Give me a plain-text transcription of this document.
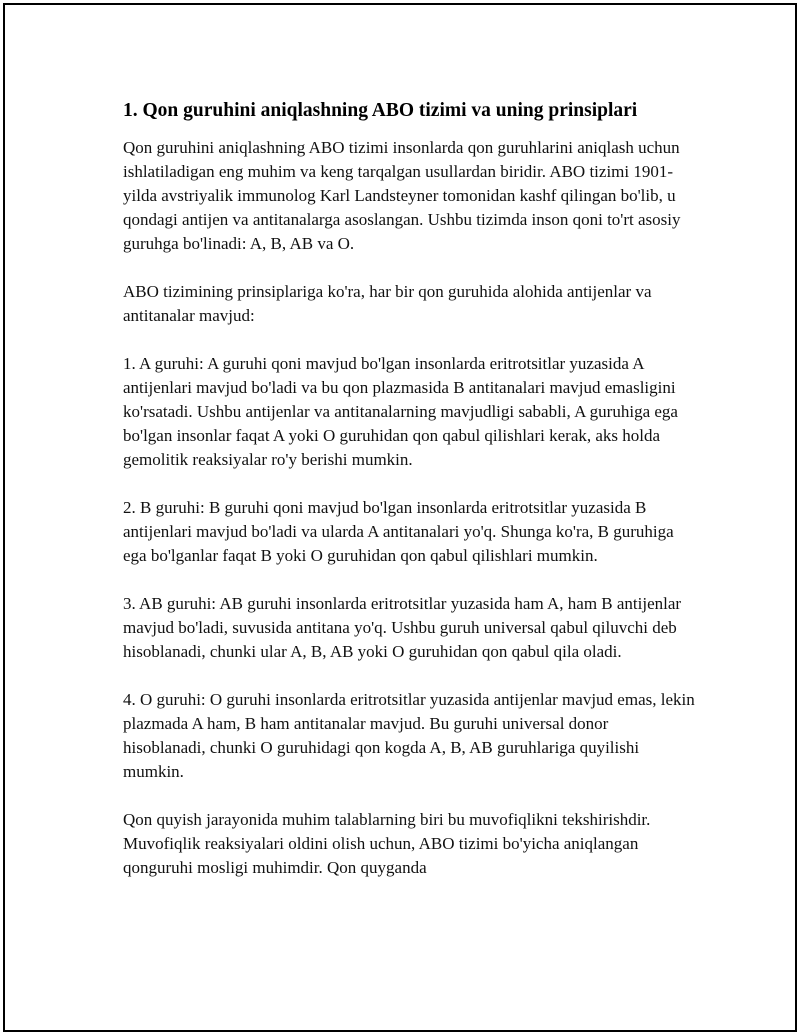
1. Qon guruhini aniqlashning ABO tizimi va uning prinsiplari

Qon guruhini aniqlashning ABO tizimi insonlarda qon guruhlarini aniqlash uchun ishlatiladigan eng muhim va keng tarqalgan usullardan biridir. ABO tizimi 1901-yilda avstriyalik immunolog Karl Landsteyner tomonidan kashf qilingan bo'lib, u qondagi antijen va antitanalarga asoslangan. Ushbu tizimda inson qoni to'rt asosiy guruhga bo'linadi: A, B, AB va O.

ABO tizimining prinsiplariga ko'ra, har bir qon guruhida alohida antijenlar va antitanalar mavjud:

1. A guruhi: A guruhi qoni mavjud bo'lgan insonlarda eritrotsitlar yuzasida A antijenlari mavjud bo'ladi va bu qon plazmasida B antitanalari mavjud emasligini ko'rsatadi. Ushbu antijenlar va antitanalarning mavjudligi sababli, A guruhiga ega bo'lgan insonlar faqat A yoki O guruhidan qon qabul qilishlari kerak, aks holda gemolitik reaksiyalar ro'y berishi mumkin.

2. B guruhi: B guruhi qoni mavjud bo'lgan insonlarda eritrotsitlar yuzasida B antijenlari mavjud bo'ladi va ularda A antitanalari yo'q. Shunga ko'ra, B guruhiga ega bo'lganlar faqat B yoki O guruhidan qon qabul qilishlari mumkin.

3. AB guruhi: AB guruhi insonlarda eritrotsitlar yuzasida ham A, ham B antijenlar mavjud bo'ladi, suvusida antitana yo'q. Ushbu guruh universal qabul qiluvchi deb hisoblanadi, chunki ular A, B, AB yoki O guruhidan qon qabul qila oladi.

4. O guruhi: O guruhi insonlarda eritrotsitlar yuzasida antijenlar mavjud emas, lekin plazmada A ham, B ham antitanalar mavjud. Bu guruhi universal donor hisoblanadi, chunki O guruhidagi qon kogda A, B, AB guruhlariga quyilishi mumkin.

Qon quyish jarayonida muhim talablarning biri bu muvofiqlikni tekshirishdir. Muvofiqlik reaksiyalari oldini olish uchun, ABO tizimi bo'yicha aniqlangan qonguruhi mosligi muhimdir. Qon quyganda
